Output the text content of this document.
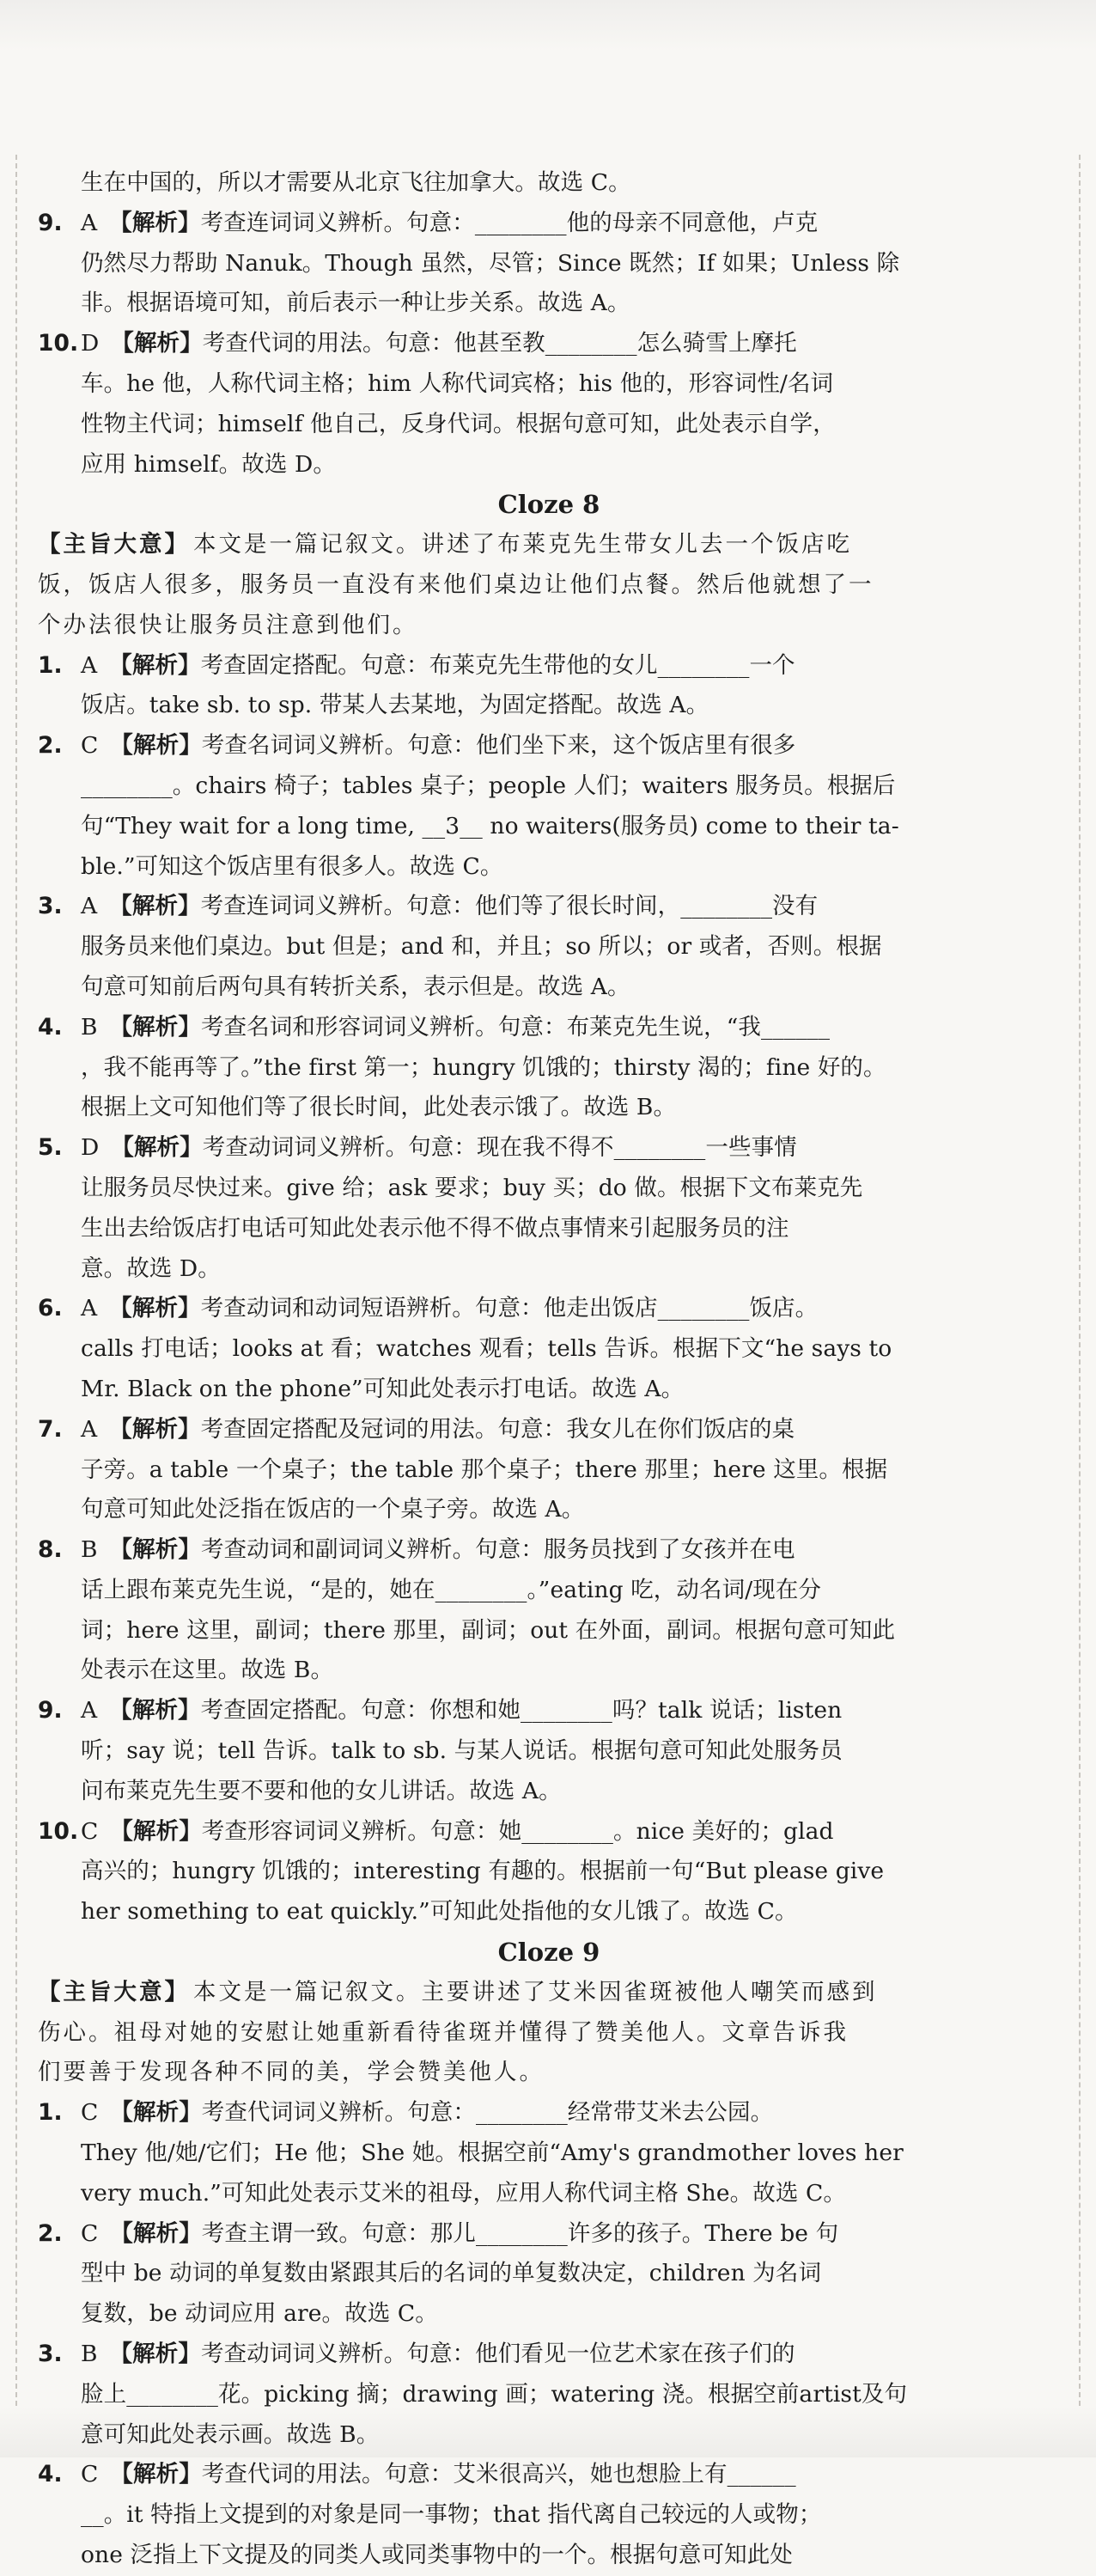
生在中国的，所以才需要从北京飞往加拿大。故选 C。
9. A 【解析】考查连词词义辨析。句意：________他的母亲不同意他，卢克
仍然尽力帮助 Nanuk。Though 虽然，尽管；Since 既然；If 如果；Unless 除
非。根据语境可知，前后表示一种让步关系。故选 A。
10. D 【解析】考查代词的用法。句意：他甚至教________怎么骑雪上摩托
车。he 他，人称代词主格；him 人称代词宾格；his 他的，形容词性/名词
性物主代词；himself 他自己，反身代词。根据句意可知，此处表示自学，
应用 himself。故选 D。
Cloze 8
【主旨大意】 本文是一篇记叙文。讲述了布莱克先生带女儿去一个饭店吃
饭，饭店人很多，服务员一直没有来他们桌边让他们点餐。然后他就想了一
个办法很快让服务员注意到他们。
1. A 【解析】考查固定搭配。句意：布莱克先生带他的女儿________一个
饭店。take sb. to sp. 带某人去某地，为固定搭配。故选 A。
2. C 【解析】考查名词词义辨析。句意：他们坐下来，这个饭店里有很多
________。chairs 椅子；tables 桌子；people 人们；waiters 服务员。根据后
句“They wait for a long time, __3__ no waiters(服务员) come to their ta-
ble.”可知这个饭店里有很多人。故选 C。
3. A 【解析】考查连词词义辨析。句意：他们等了很长时间，________没有
服务员来他们桌边。but 但是；and 和，并且；so 所以；or 或者，否则。根据
句意可知前后两句具有转折关系，表示但是。故选 A。
4. B 【解析】考查名词和形容词词义辨析。句意：布莱克先生说，“我______
，我不能再等了。”the first 第一；hungry 饥饿的；thirsty 渴的；fine 好的。
根据上文可知他们等了很长时间，此处表示饿了。故选 B。
5. D 【解析】考查动词词义辨析。句意：现在我不得不________一些事情
让服务员尽快过来。give 给；ask 要求；buy 买；do 做。根据下文布莱克先
生出去给饭店打电话可知此处表示他不得不做点事情来引起服务员的注
意。故选 D。
6. A 【解析】考查动词和动词短语辨析。句意：他走出饭店________饭店。
calls 打电话；looks at 看；watches 观看；tells 告诉。根据下文“he says to
Mr. Black on the phone”可知此处表示打电话。故选 A。
7. A 【解析】考查固定搭配及冠词的用法。句意：我女儿在你们饭店的桌
子旁。a table 一个桌子；the table 那个桌子；there 那里；here 这里。根据
句意可知此处泛指在饭店的一个桌子旁。故选 A。
8. B 【解析】考查动词和副词词义辨析。句意：服务员找到了女孩并在电
话上跟布莱克先生说，“是的，她在________。”eating 吃，动名词/现在分
词；here 这里，副词；there 那里，副词；out 在外面，副词。根据句意可知此
处表示在这里。故选 B。
9. A 【解析】考查固定搭配。句意：你想和她________吗？talk 说话；listen
听；say 说；tell 告诉。talk to sb. 与某人说话。根据句意可知此处服务员
问布莱克先生要不要和他的女儿讲话。故选 A。
10. C 【解析】考查形容词词义辨析。句意：她________。nice 美好的；glad
高兴的；hungry 饥饿的；interesting 有趣的。根据前一句“But please give
her something to eat quickly.”可知此处指他的女儿饿了。故选 C。
Cloze 9
【主旨大意】 本文是一篇记叙文。主要讲述了艾米因雀斑被他人嘲笑而感到
伤心。祖母对她的安慰让她重新看待雀斑并懂得了赞美他人。文章告诉我
们要善于发现各种不同的美，学会赞美他人。
1. C 【解析】考查代词词义辨析。句意：________经常带艾米去公园。
They 他/她/它们；He 他；She 她。根据空前“Amy's grandmother loves her
very much.”可知此处表示艾米的祖母，应用人称代词主格 She。故选 C。
2. C 【解析】考查主谓一致。句意：那儿________许多的孩子。There be 句
型中 be 动词的单复数由紧跟其后的名词的单复数决定，children 为名词
复数，be 动词应用 are。故选 C。
3. B 【解析】考查动词词义辨析。句意：他们看见一位艺术家在孩子们的
脸上________花。picking 摘；drawing 画；watering 浇。根据空前artist及句
意可知此处表示画。故选 B。
4. C 【解析】考查代词的用法。句意：艾米很高兴，她也想脸上有______
__。it 特指上文提到的对象是同一事物；that 指代离自己较远的人或物；
one 泛指上下文提及的同类人或同类事物中的一个。根据句意可知此处
